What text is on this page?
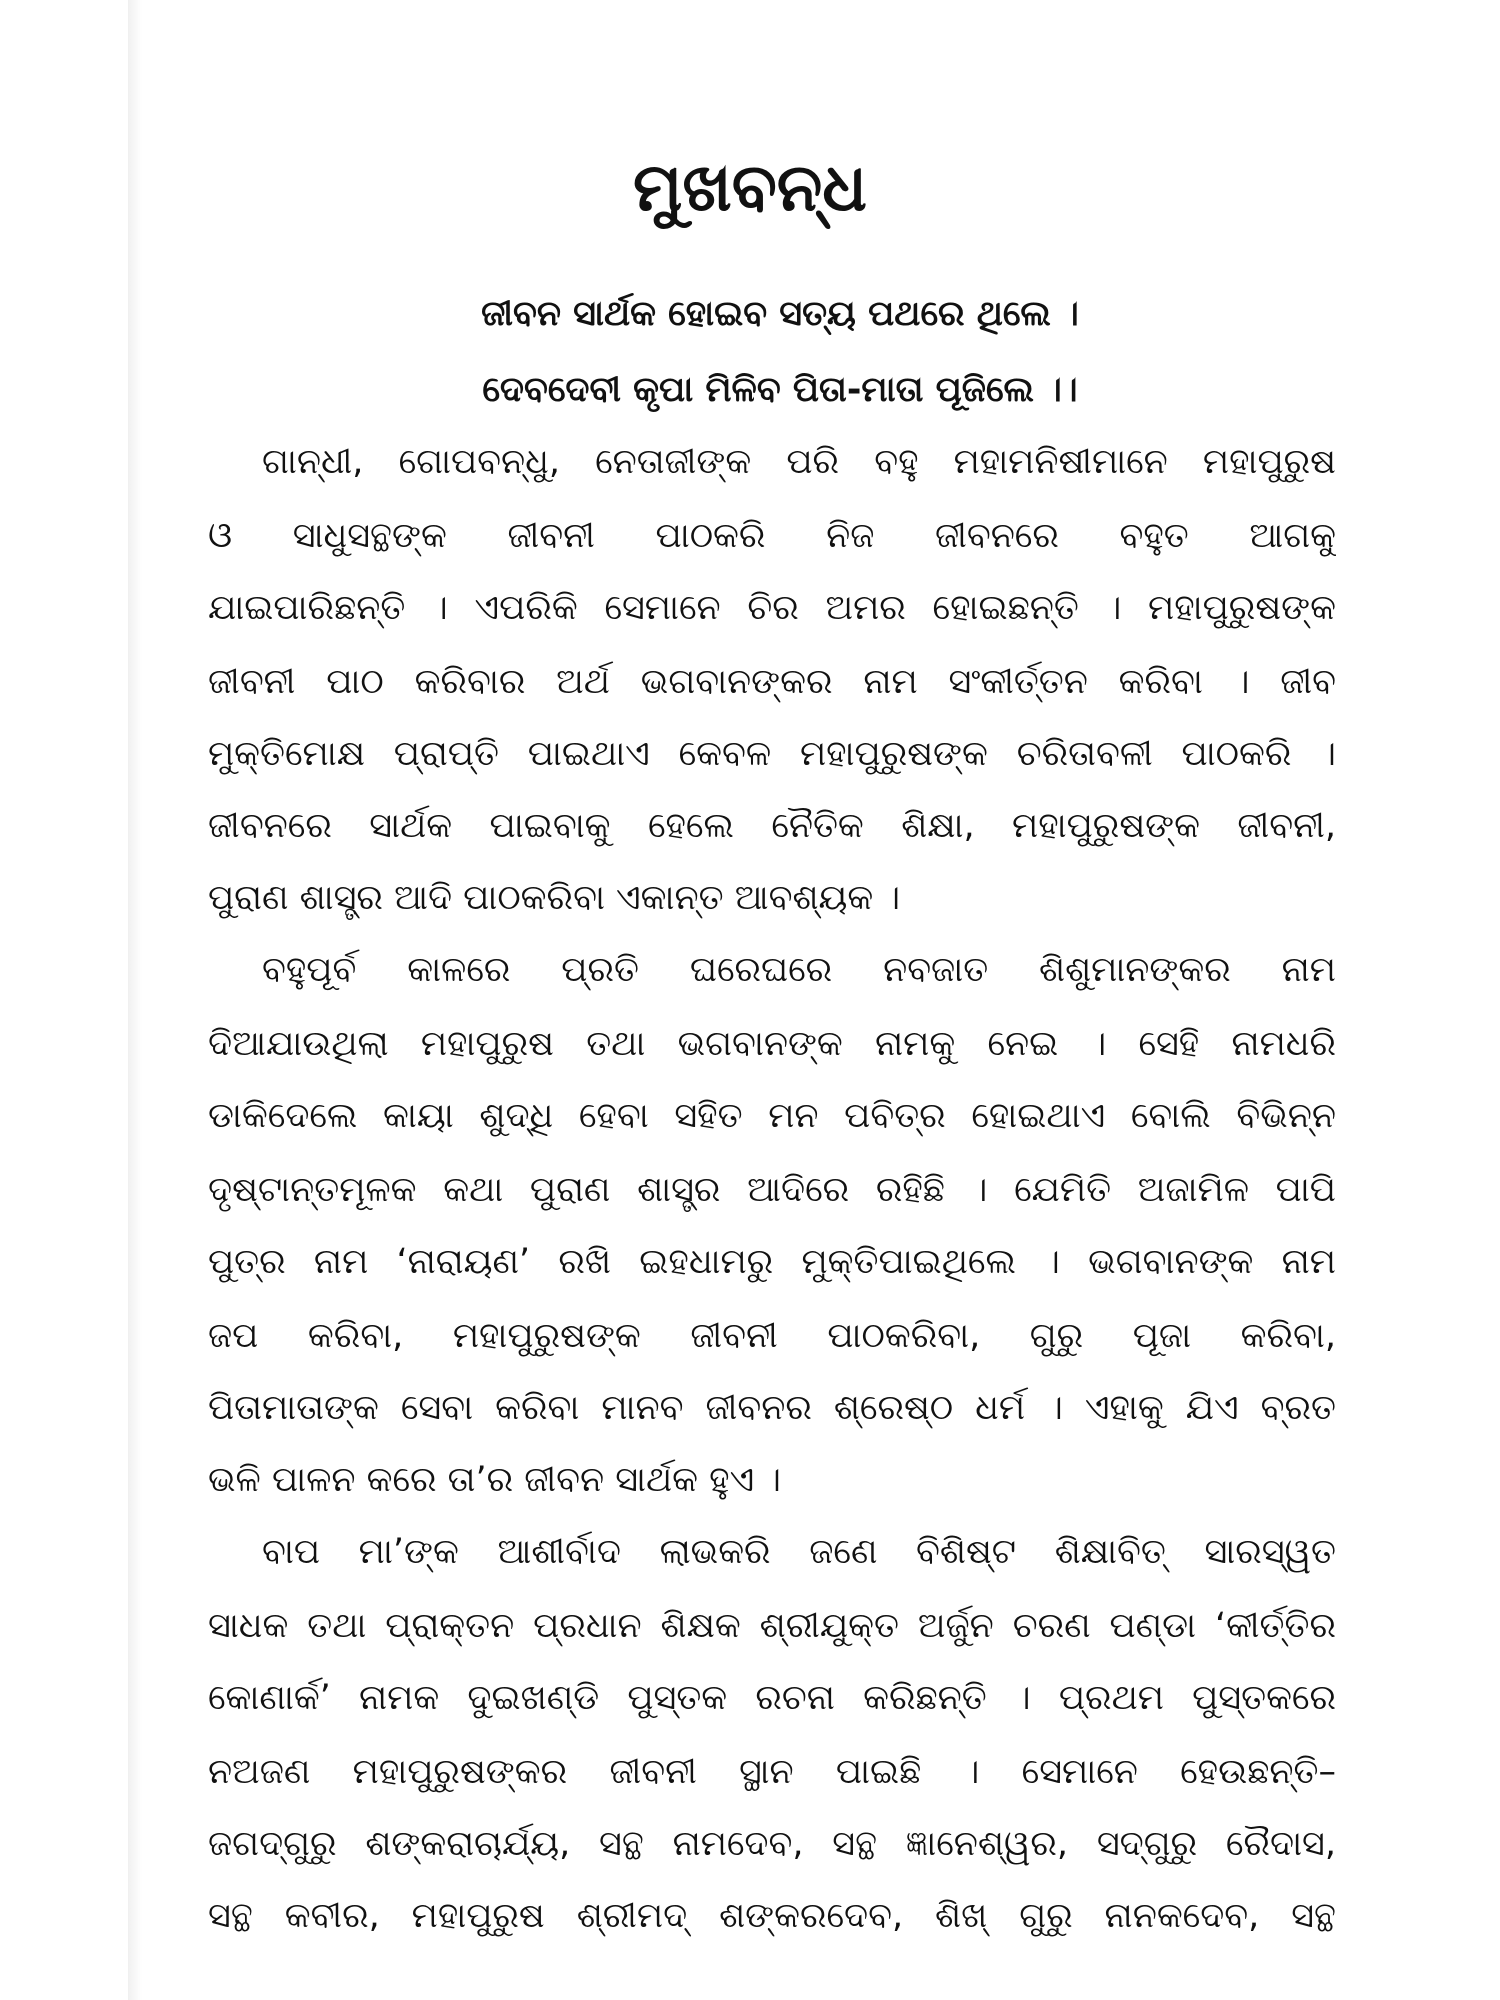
ମୁଖବନ୍ଧ
ଜୀବନ ସାର୍ଥକ ହୋଇବ ସତ୍ୟ ପଥରେ ଥିଲେ ।
ଦେବଦେବୀ କୃପା ମିଳିବ ପିତା-ମାତା ପୂଜିଲେ ।।
ଗାନ୍ଧୀ, ଗୋପବନ୍ଧୁ, ନେତାଜୀଙ୍କ ପରି ବହୁ ମହାମନିଷୀମାନେ ମହାପୁରୁଷ
ଓ ସାଧୁସନ୍ଥଙ୍କ ଜୀବନୀ ପାଠକରି ନିଜ ଜୀବନରେ ବହୁତ ଆଗକୁ
ଯାଇପାରିଛନ୍ତି । ଏପରିକି ସେମାନେ ଚିର ଅମର ହୋଇଛନ୍ତି । ମହାପୁରୁଷଙ୍କ
ଜୀବନୀ ପାଠ କରିବାର ଅର୍ଥ ଭଗବାନଙ୍କର ନାମ ସଂକୀର୍ତ୍ତନ କରିବା । ଜୀବ
ମୁକ୍ତିମୋକ୍ଷ ପ୍ରାପ୍ତି ପାଇଥାଏ କେବଳ ମହାପୁରୁଷଙ୍କ ଚରିତାବଳୀ ପାଠକରି ।
ଜୀବନରେ ସାର୍ଥକ ପାଇବାକୁ ହେଲେ ନୈତିକ ଶିକ୍ଷା, ମହାପୁରୁଷଙ୍କ ଜୀବନୀ,
ପୁରାଣ ଶାସ୍ତ୍ର ଆଦି ପାଠକରିବା ଏକାନ୍ତ ଆବଶ୍ୟକ ।
ବହୁପୂର୍ବ କାଳରେ ପ୍ରତି ଘରେଘରେ ନବଜାତ ଶିଶୁମାନଙ୍କର ନାମ
ଦିଆଯାଉଥିଲା ମହାପୁରୁଷ ତଥା ଭଗବାନଙ୍କ ନାମକୁ ନେଇ । ସେହି ନାମଧରି
ଡାକିଦେଲେ କାୟା ଶୁଦ୍ଧି ହେବା ସହିତ ମନ ପବିତ୍ର ହୋଇଥାଏ ବୋଲି ବିଭିନ୍ନ
ଦୃଷ୍ଟାନ୍ତମୂଳକ କଥା ପୁରାଣ ଶାସ୍ତ୍ର ଆଦିରେ ରହିଛି । ଯେମିତି ଅଜାମିଳ ପାପି
ପୁତ୍ର ନାମ ‘ନାରାୟଣ’ ରଖି ଇହଧାମରୁ ମୁକ୍ତିପାଇଥିଲେ । ଭଗବାନଙ୍କ ନାମ
ଜପ କରିବା, ମହାପୁରୁଷଙ୍କ ଜୀବନୀ ପାଠକରିବା, ଗୁରୁ ପୂଜା କରିବା,
ପିତାମାତାଙ୍କ ସେବା କରିବା ମାନବ ଜୀବନର ଶ୍ରେଷ୍ଠ ଧର୍ମ । ଏହାକୁ ଯିଏ ବ୍ରତ
ଭଳି ପାଳନ କରେ ତା’ର ଜୀବନ ସାର୍ଥକ ହୁଏ ।
ବାପ ମା’ଙ୍କ ଆଶୀର୍ବାଦ ଲାଭକରି ଜଣେ ବିଶିଷ୍ଟ ଶିକ୍ଷାବିତ୍ ସାରସ୍ୱତ
ସାଧକ ତଥା ପ୍ରାକ୍ତନ ପ୍ରଧାନ ଶିକ୍ଷକ ଶ୍ରୀଯୁକ୍ତ ଅର୍ଜୁନ ଚରଣ ପଣ୍ଡା ‘କୀର୍ତ୍ତିର
କୋଣାର୍କ’ ନାମକ ଦୁଇଖଣ୍ଡି ପୁସ୍ତକ ରଚନା କରିଛନ୍ତି । ପ୍ରଥମ ପୁସ୍ତକରେ
ନଅଜଣ ମହାପୁରୁଷଙ୍କର ଜୀବନୀ ସ୍ଥାନ ପାଇଛି । ସେମାନେ ହେଉଛନ୍ତି–
ଜଗଦ୍‌ଗୁରୁ ଶଙ୍କରାଚାର୍ଯ୍ୟ, ସନ୍ଥ ନାମଦେବ, ସନ୍ଥ ଜ୍ଞାନେଶ୍ୱର, ସଦ୍‌ଗୁରୁ ରୈଦାସ,
ସନ୍ଥ କବୀର, ମହାପୁରୁଷ ଶ୍ରୀମଦ୍ ଶଙ୍କରଦେବ, ଶିଖ୍ ଗୁରୁ ନାନକଦେବ, ସନ୍ଥ
